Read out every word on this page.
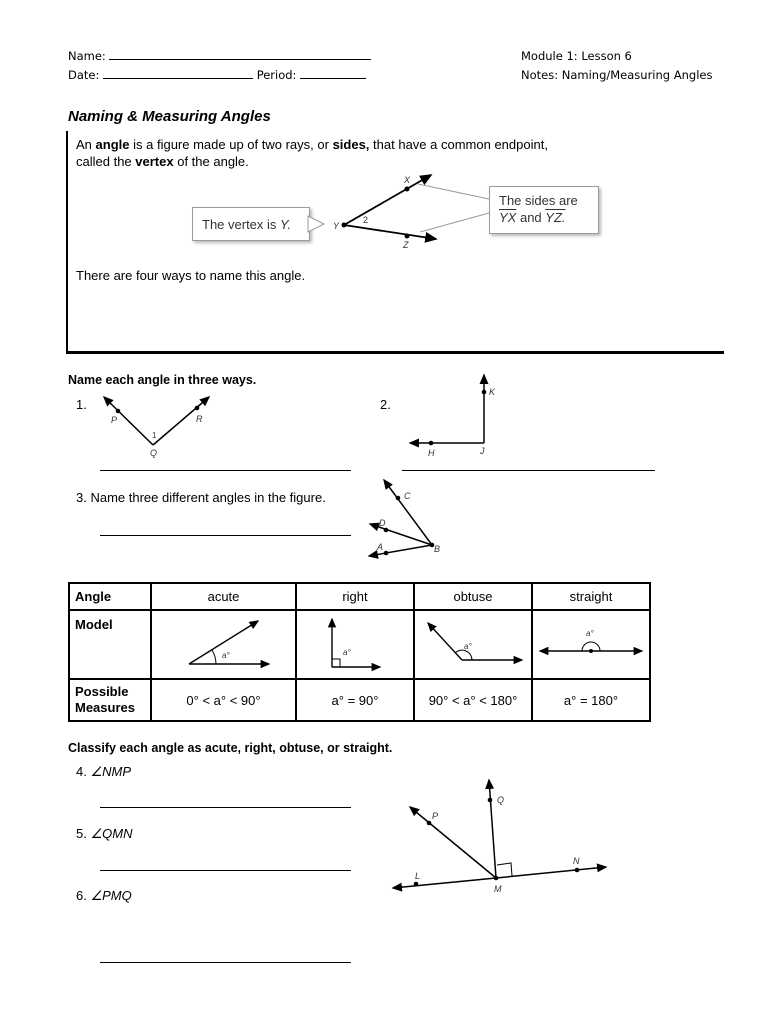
Name:
Date:	Period:
Module 1: Lesson 6
Notes: Naming/Measuring Angles
Naming & Measuring Angles
An angle is a figure made up of two rays, or sides, that have a common endpoint,
called the vertex of the angle.
The vertex is Y.
The sides are
$\overline{YX}$ and YZ.
X
Y
Z
2
There are four ways to name this angle.
Name each angle in three ways.
1.	2.
3. Name three different angles in the figure.
P	R
Q
1
K
H	J
C
D
A	B
Angle	acute	right	obtuse	straight
Model	a°	a°	a°	a°

Possible
Measures	0° < a° < 90°	a° = 90°	90° < a° < 180°	a° = 180°
Classify each angle as acute, right, obtuse, or straight.
4. ∠NMP
5. ∠QMN
6. ∠PMQ
Q
P
L
M
N
